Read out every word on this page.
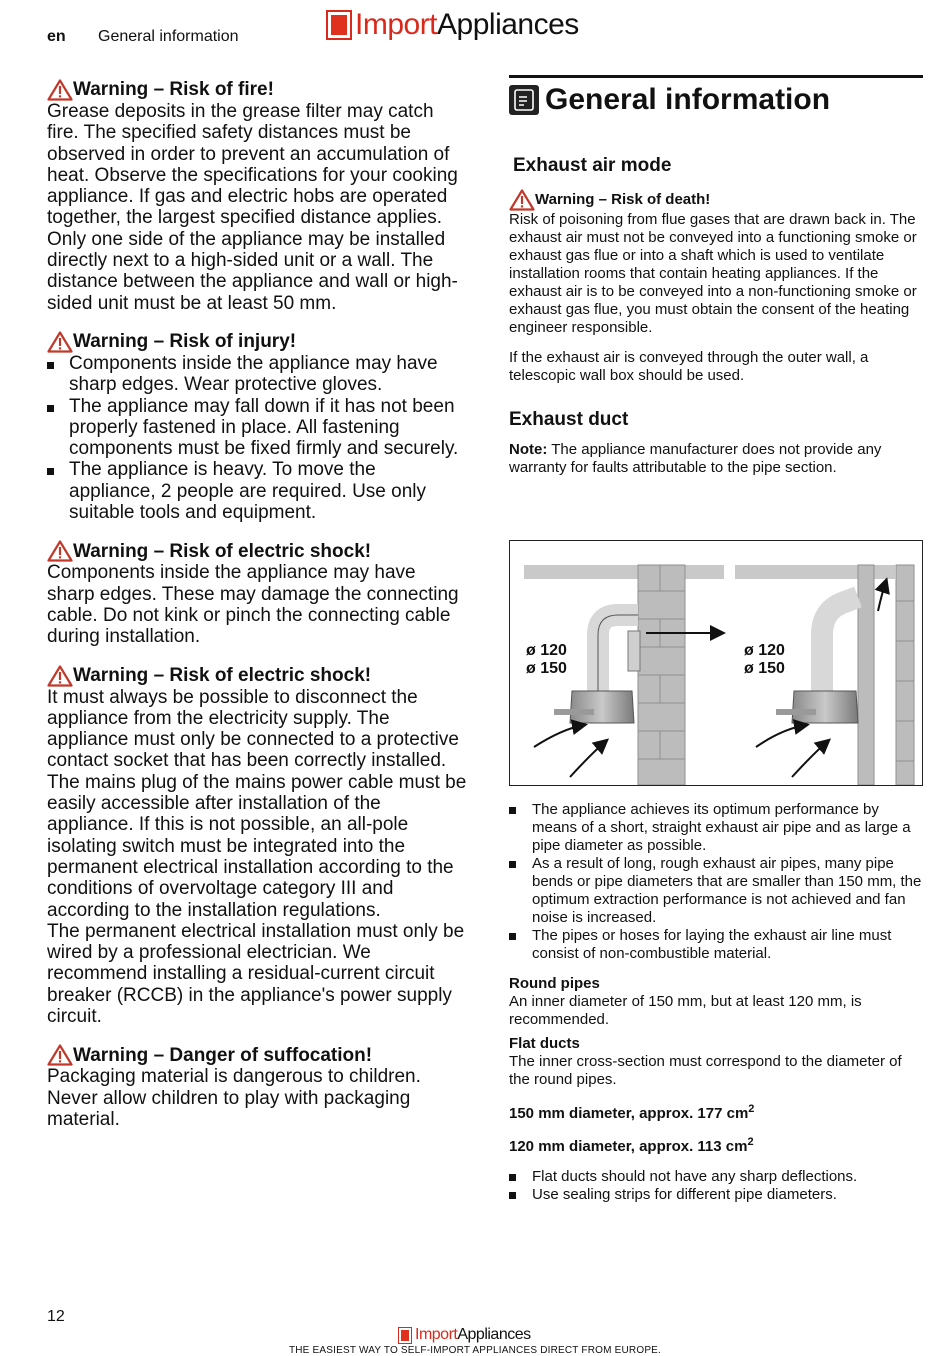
en General information	Import Appliances
Warning – Risk of fire!

Grease deposits in the grease filter may catch fire. The specified safety distances must be observed in order to prevent an accumulation of heat. Observe the specifications for your cooking appliance. If gas and electric hobs are operated together, the largest specified distance applies.

Only one side of the appliance may be installed directly next to a high-sided unit or a wall. The distance between the appliance and wall or high-sided unit must be at least 50 mm.

Warning – Risk of injury!
Components inside the appliance may have sharp edges. Wear protective gloves.
The appliance may fall down if it has not been properly fastened in place. All fastening components must be fixed firmly and securely.
The appliance is heavy. To move the appliance, 2 people are required. Use only suitable tools and equipment.
Warning – Risk of electric shock!

Components inside the appliance may have sharp edges. These may damage the connecting cable. Do not kink or pinch the connecting cable during installation.

Warning – Risk of electric shock!

It must always be possible to disconnect the appliance from the electricity supply. The appliance must only be connected to a protective contact socket that has been correctly installed.

The mains plug of the mains power cable must be easily accessible after installation of the appliance. If this is not possible, an all-pole isolating switch must be integrated into the permanent electrical installation according to the conditions of overvoltage category III and according to the installation regulations.

The permanent electrical installation must only be wired by a professional electrician. We recommend installing a residual-current circuit breaker (RCCB) in the appliance's power supply circuit.

Warning – Danger of suffocation!

Packaging material is dangerous to children. Never allow children to play with packaging material.

General information
Exhaust air mode
Warning – Risk of death!

Risk of poisoning from flue gases that are drawn back in. The exhaust air must not be conveyed into a functioning smoke or exhaust gas flue or into a shaft which is used to ventilate installation rooms that contain heating appliances. If the exhaust air is to be conveyed into a non-functioning smoke or exhaust gas flue, you must obtain the consent of the heating engineer responsible.

If the exhaust air is conveyed through the outer wall, a telescopic wall box should be used.

Exhaust duct

Note: The appliance manufacturer does not provide any warranty for faults attributable to the pipe section.

The appliance achieves its optimum performance by means of a short, straight exhaust air pipe and as large a pipe diameter as possible.
As a result of long, rough exhaust air pipes, many pipe bends or pipe diameters that are smaller than 150 mm, the optimum extraction performance is not achieved and fan noise is increased.
The pipes or hoses for laying the exhaust air line must consist of non-combustible material.

Round pipes

An inner diameter of 150 mm, but at least 120 mm, is recommended.

Flat ducts

The inner cross-section must correspond to the diameter of the round pipes.

150 mm diameter, approx. 177 $cm^2$

120 mm diameter, approx. 113 $cm^2$

Flat ducts should not have any sharp deflections.
Use sealing strips for different pipe diameters.
ø 120
ø 150
ø 120
ø 150
12
Import Appliances
THE EASIEST WAY TO SELF-IMPORT APPLIANCES DIRECT FROM EUROPE.
